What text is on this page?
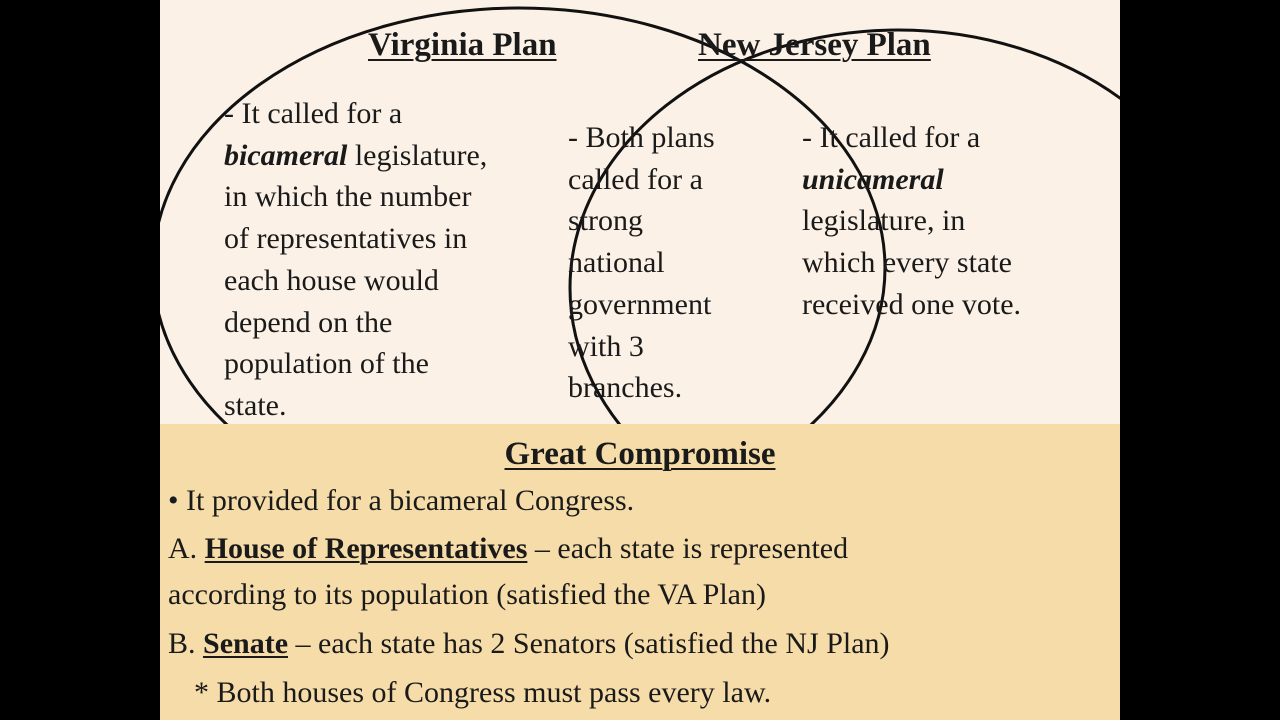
Virginia Plan	New Jersey Plan
- It called for a
bicameral legislature,
in which the number
of representatives in
each house would
depend on the
population of the
state.
- Both plans
called for a
strong
national
government
with 3
branches.
- It called for a
unicameral
legislature, in
which every state
received one vote.
Great Compromise
• It provided for a bicameral Congress.
A. House of Representatives – each state is represented
according to its population (satisfied the VA Plan)
B. Senate – each state has 2 Senators (satisfied the NJ Plan)
* Both houses of Congress must pass every law.
